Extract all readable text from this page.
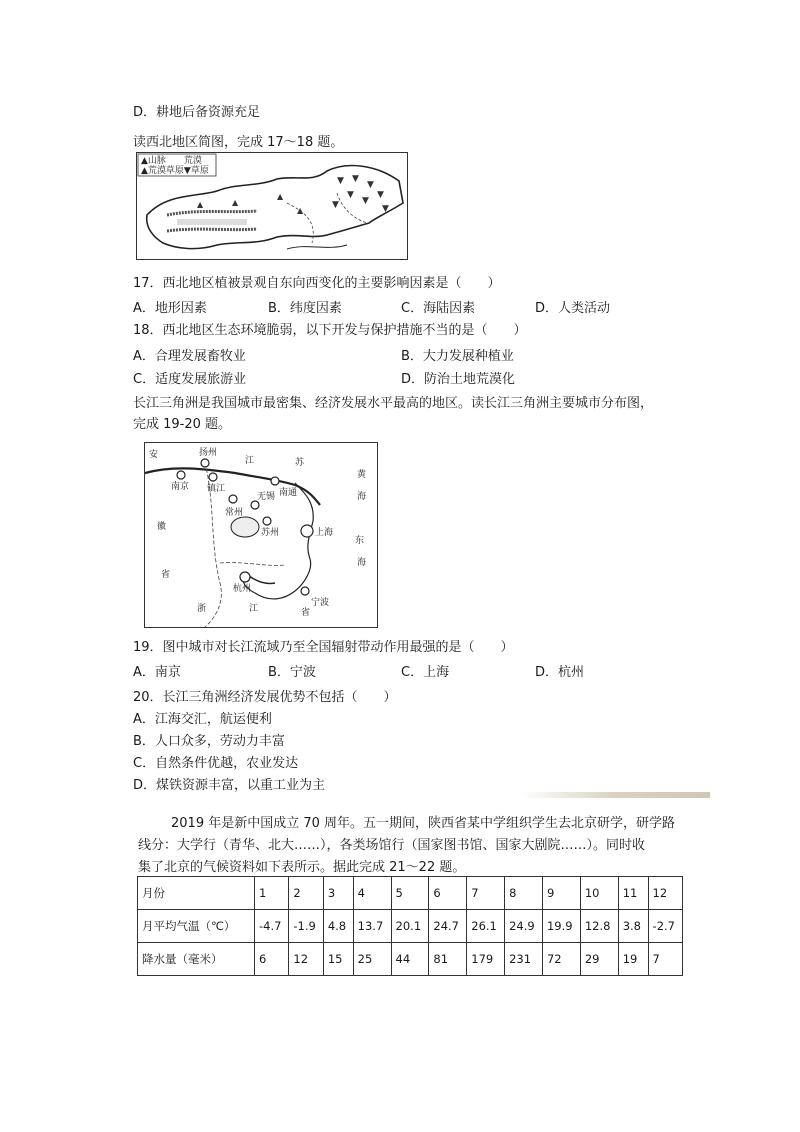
D．耕地后备资源充足
读西北地区简图，完成 17～18 题。
▲山脉　　荒漠
▲荒漠草原▼草原
▼ ▼
▼
▼
▼
▼
▼	▼
▲	▲
▲
▲
17．西北地区植被景观自东向西变化的主要影响因素是（　　）
A．地形因素	B．纬度因素	C．海陆因素	D．人类活动
18．西北地区生态环境脆弱，以下开发与保护措施不当的是（　　）
A．合理发展畜牧业	B．大力发展种植业
C．适度发展旅游业	D．防治土地荒漠化
长江三角洲是我国城市最密集、经济发展水平最高的地区。读长江三角洲主要城市分布图，
完成 19-20 题。
安	扬州
南京 镇江
江	苏
常州
无锡 南通
苏州	上海
徽
省
杭州
浙	江	省
宁波
黄
海
东
海
19．图中城市对长江流域乃至全国辐射带动作用最强的是（　　）
A．南京	B．宁波	C．上海	D．杭州
20．长江三角洲经济发展优势不包括（　　）
A．江海交汇，航运便利
B．人口众多，劳动力丰富
C．自然条件优越，农业发达
D．煤铁资源丰富，以重工业为主
2019 年是新中国成立 70 周年。五一期间，陕西省某中学组织学生去北京研学，研学路
线分：大学行（青华、北大……），各类场馆行（国家图书馆、国家大剧院……）。同时收
集了北京的气候资料如下表所示。据此完成 21～22 题。
月份	1	2	3	4	5	6	7	8	9	10	11	12
月平均气温（℃）	-4.7	-1.9	4.8	13.7	20.1	24.7	26.1	24.9	19.9	12.8	3.8	-2.7
降水量（毫米）	6	12	15	25	44	81	179	231	72	29	19	7
